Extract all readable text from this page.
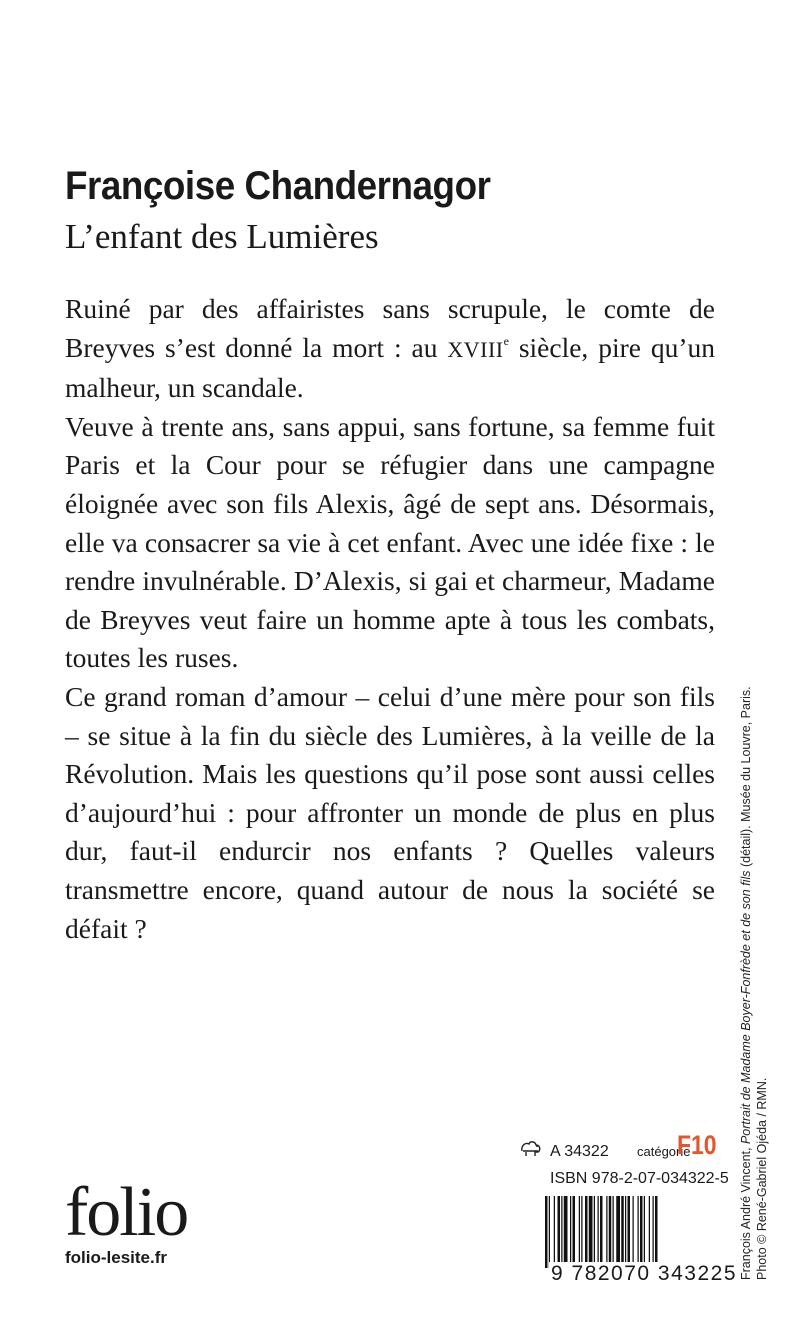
Françoise Chandernagor
L’enfant des Lumières

Ruiné par des affairistes sans scrupule, le comte de Breyves s’est donné la mort : au XVIIIe siècle, pire qu’un malheur, un scandale.

Veuve à trente ans, sans appui, sans fortune, sa femme fuit Paris et la Cour pour se réfugier dans une campagne éloignée avec son fils Alexis, âgé de sept ans. Désormais, elle va consacrer sa vie à cet enfant. Avec une idée fixe : le rendre invulnérable. D’Alexis, si gai et charmeur, Madame de Breyves veut faire un homme apte à tous les combats, toutes les ruses.

Ce grand roman d’amour – celui d’une mère pour son fils – se situe à la fin du siècle des Lumières, à la veille de la Révolution. Mais les questions qu’il pose sont aussi celles d’aujourd’hui : pour affronter un monde de plus en plus dur, faut-il endurcir nos enfants ? Quelles valeurs transmettre encore, quand autour de nous la société se défait ?

François André Vincent, Portrait de Madame Boyer-Fonfrède et de son fils (détail). Musée du Louvre, Paris.
Photo © René-Gabriel Ojéda / RMN.
A 34322 catégorie
F10
ISBN 978-2-07-034322-5
9 782070 343225
folio
folio-lesite.fr
